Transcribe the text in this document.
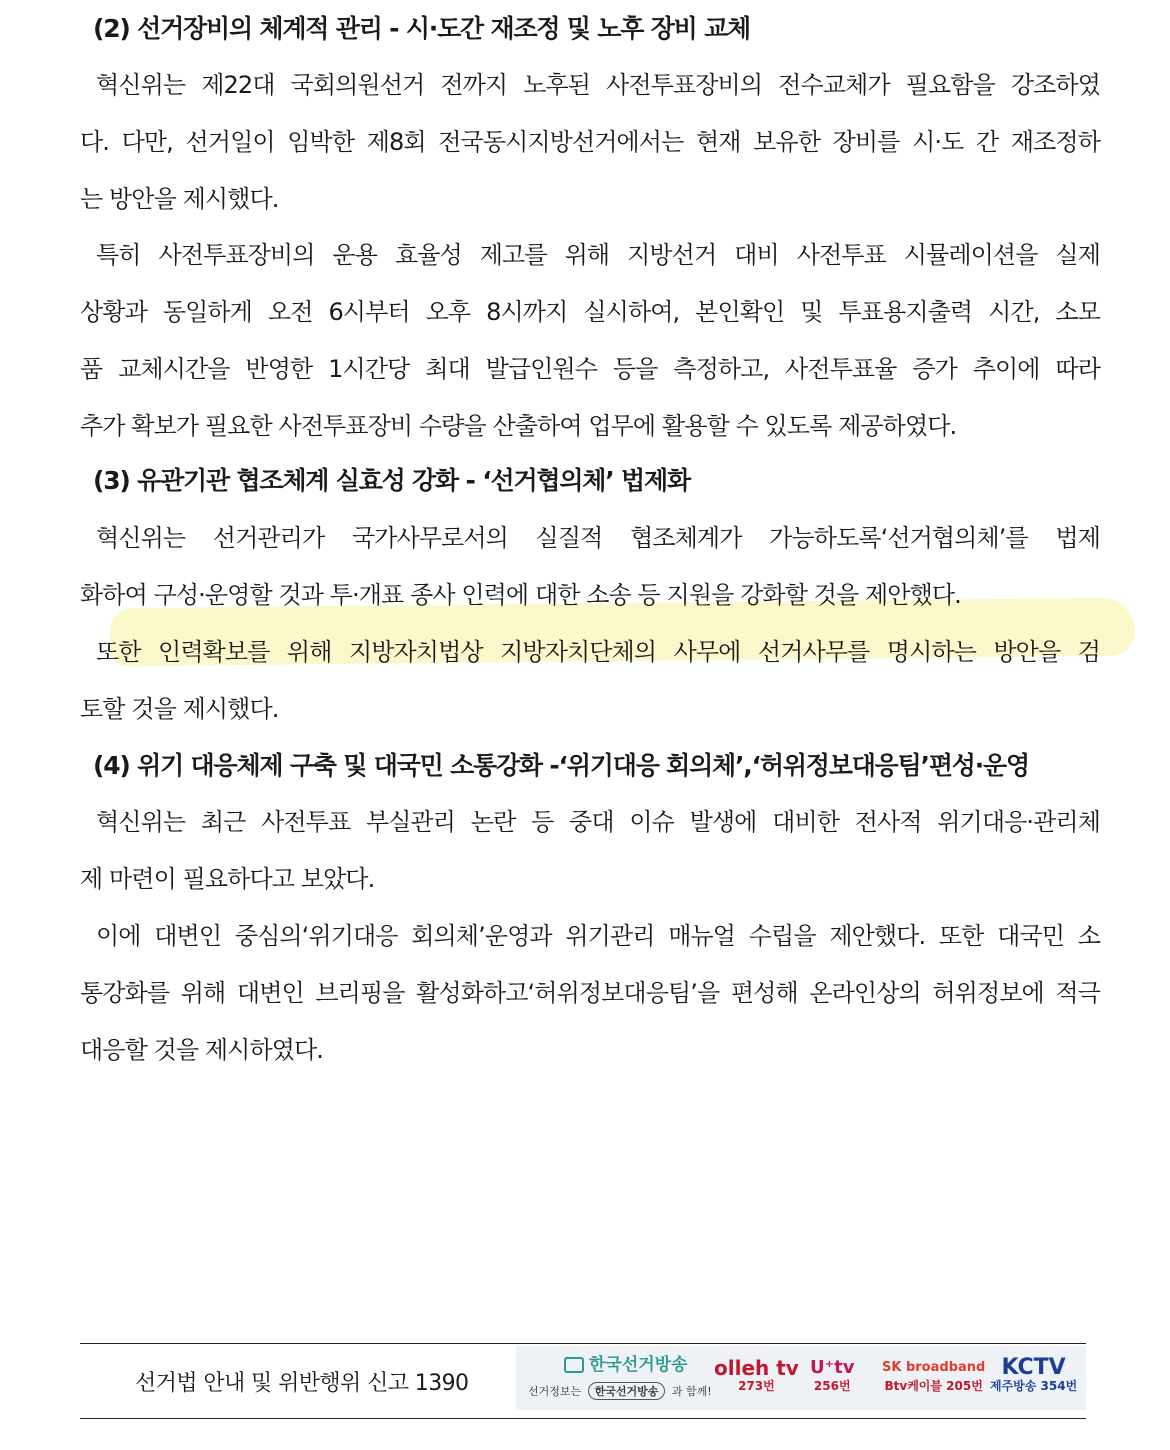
(2) 선거장비의 체계적 관리 - 시·도간 재조정 및 노후 장비 교체
혁신위는 제22대 국회의원선거 전까지 노후된 사전투표장비의 전수교체가 필요함을 강조하였
다. 다만, 선거일이 임박한 제8회 전국동시지방선거에서는 현재 보유한 장비를 시·도 간 재조정하
는 방안을 제시했다.
특히 사전투표장비의 운용 효율성 제고를 위해 지방선거 대비 사전투표 시뮬레이션을 실제
상황과 동일하게 오전 6시부터 오후 8시까지 실시하여, 본인확인 및 투표용지출력 시간, 소모
품 교체시간을 반영한 1시간당 최대 발급인원수 등을 측정하고, 사전투표율 증가 추이에 따라
추가 확보가 필요한 사전투표장비 수량을 산출하여 업무에 활용할 수 있도록 제공하였다.
(3) 유관기관 협조체계 실효성 강화 - ‘선거협의체’ 법제화
혁신위는 선거관리가 국가사무로서의 실질적 협조체계가 가능하도록‘선거협의체’를 법제
화하여 구성·운영할 것과 투·개표 종사 인력에 대한 소송 등 지원을 강화할 것을 제안했다.
또한 인력확보를 위해 지방자치법상 지방자치단체의 사무에 선거사무를 명시하는 방안을 검
토할 것을 제시했다.
(4) 위기 대응체제 구축 및 대국민 소통강화 -‘위기대응 회의체’,‘허위정보대응팀’편성·운영
혁신위는 최근 사전투표 부실관리 논란 등 중대 이슈 발생에 대비한 전사적 위기대응·관리체
제 마련이 필요하다고 보았다.
이에 대변인 중심의‘위기대응 회의체’운영과 위기관리 매뉴얼 수립을 제안했다. 또한 대국민 소
통강화를 위해 대변인 브리핑을 활성화하고‘허위정보대응팀’을 편성해 온라인상의 허위정보에 적극
대응할 것을 제시하였다.
선거법 안내 및 위반행위 신고 1390
한국선거방송
선거정보는 한국선거방송 과 함께!
olleh tv
273번
U⁺tv
256번
SK broadband
Btv케이블 205번
KCTV
제주방송 354번
